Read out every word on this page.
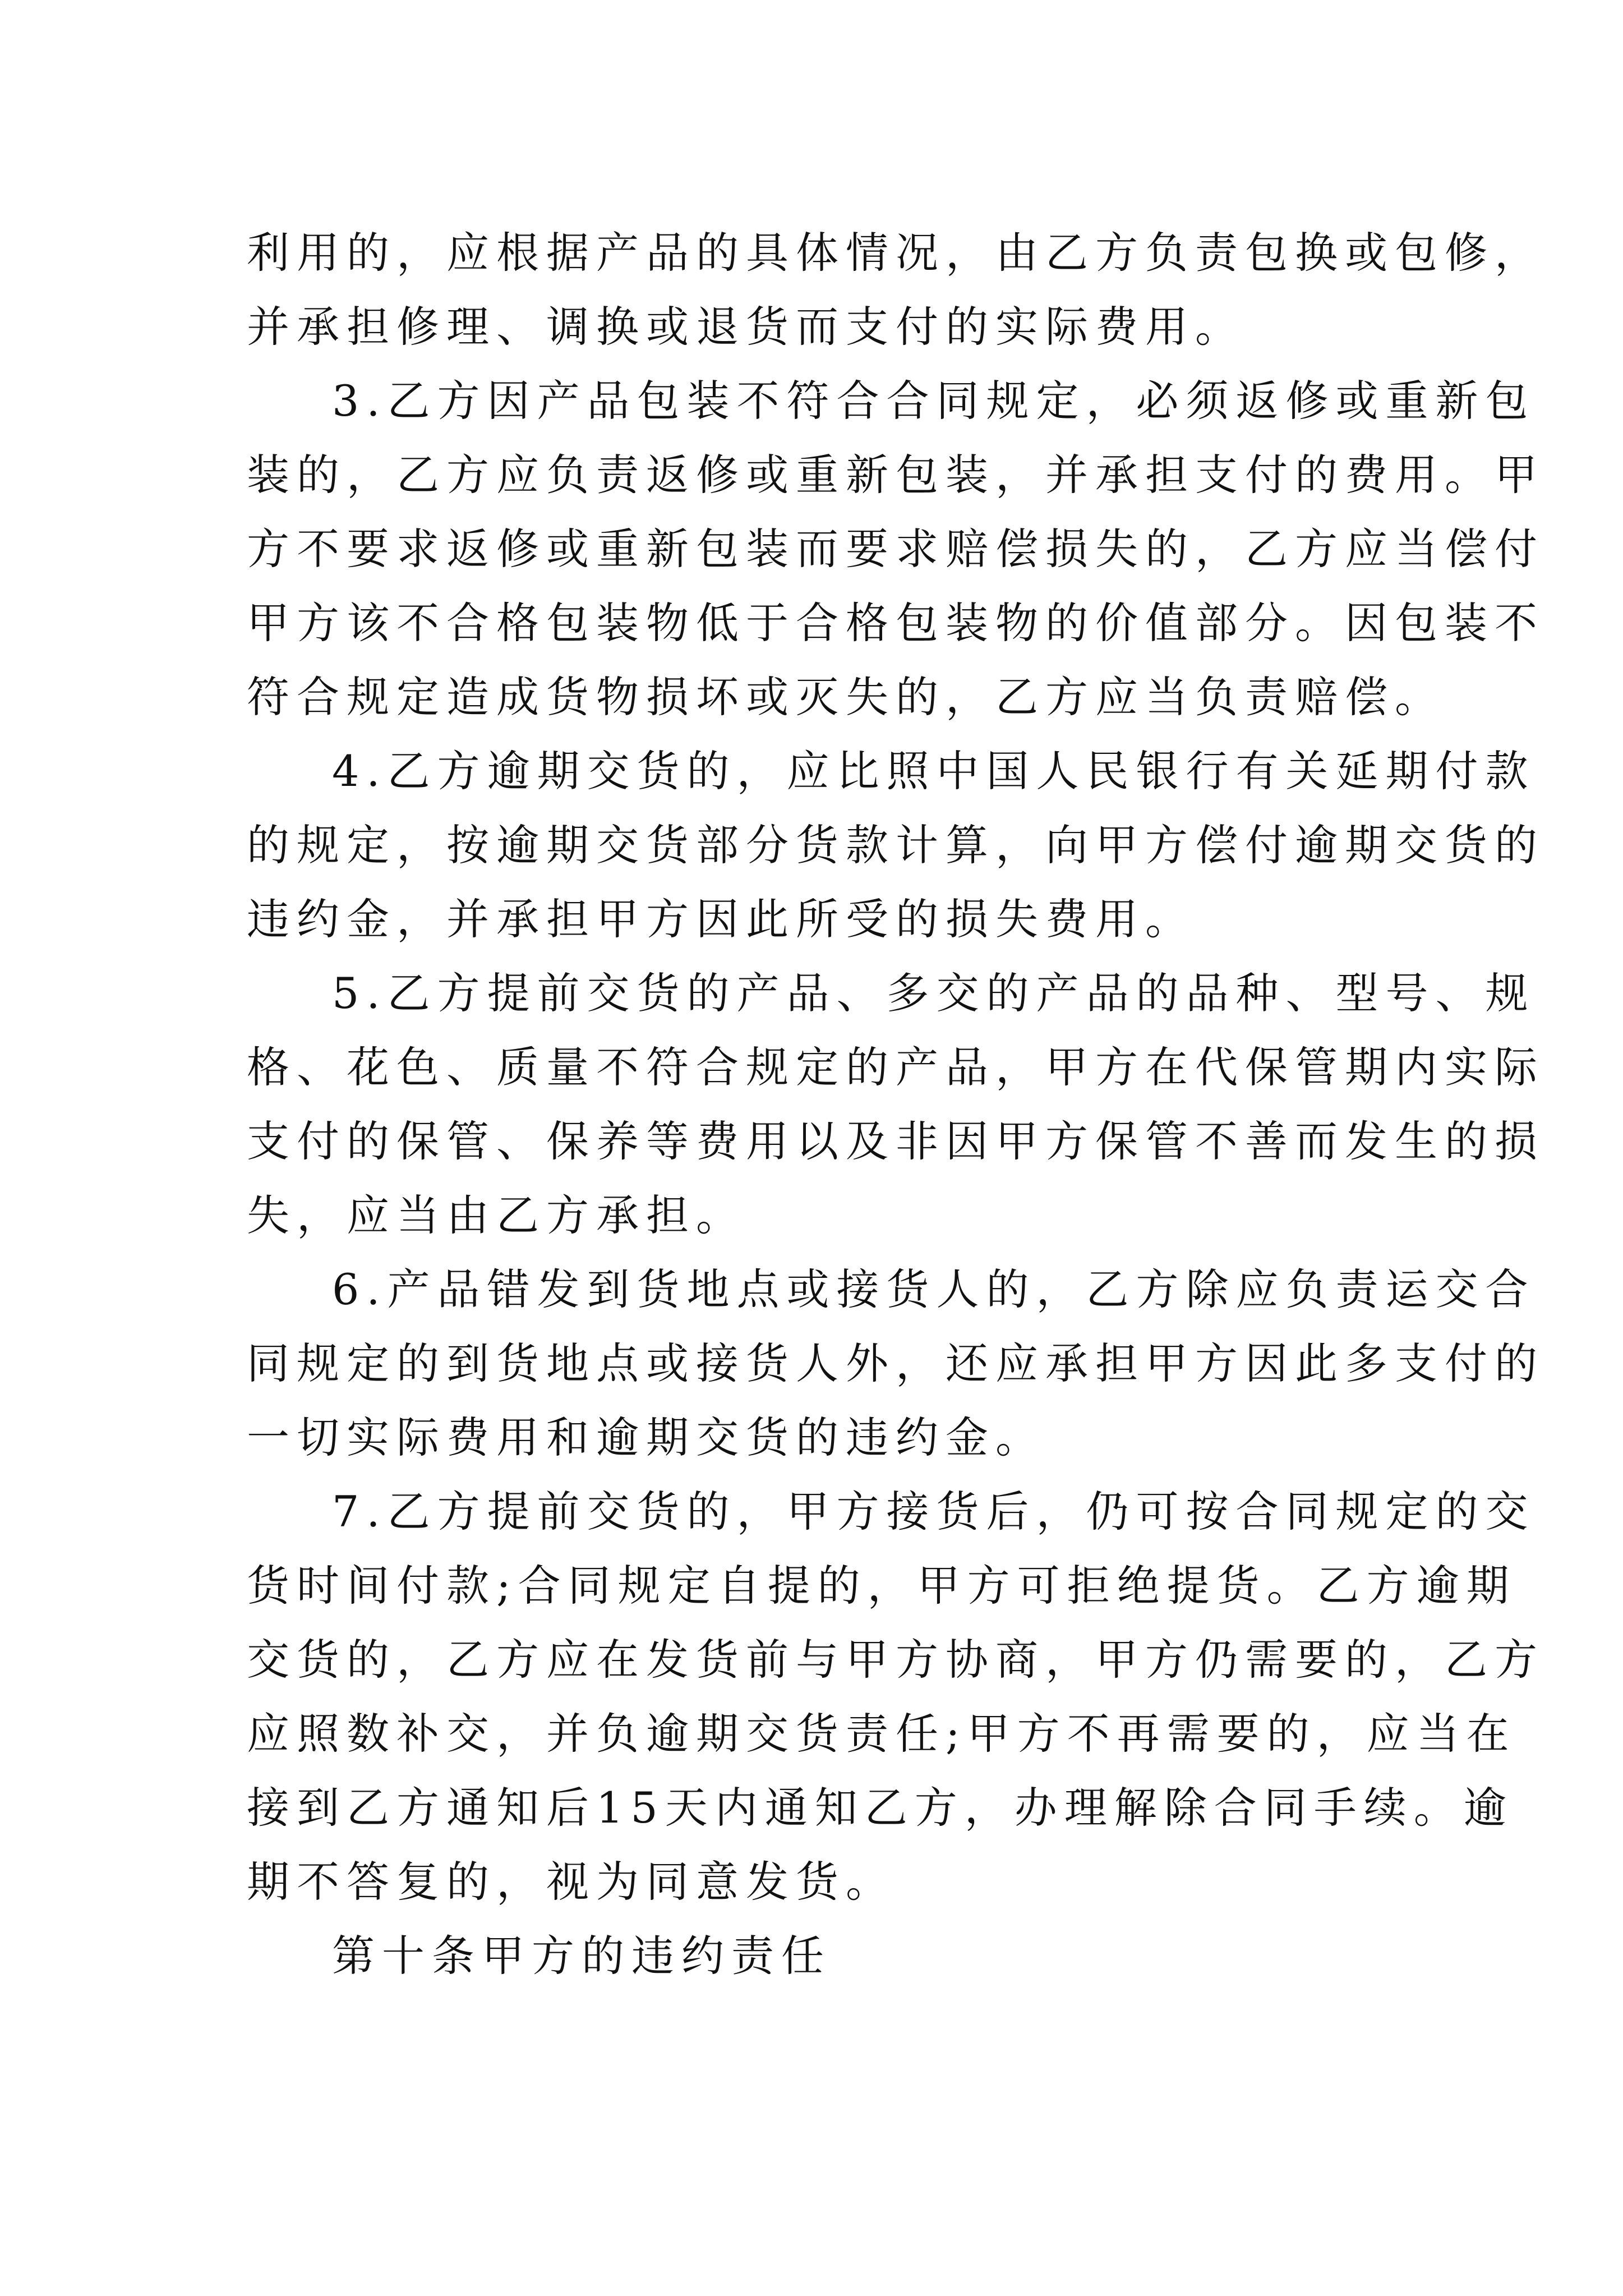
利用的，应根据产品的具体情况，由乙方负责包换或包修，
并承担修理、调换或退货而支付的实际费用。
3.乙方因产品包装不符合合同规定，必须返修或重新包
装的，乙方应负责返修或重新包装，并承担支付的费用。甲
方不要求返修或重新包装而要求赔偿损失的，乙方应当偿付
甲方该不合格包装物低于合格包装物的价值部分。因包装不
符合规定造成货物损坏或灭失的，乙方应当负责赔偿。
4.乙方逾期交货的，应比照中国人民银行有关延期付款
的规定，按逾期交货部分货款计算，向甲方偿付逾期交货的
违约金，并承担甲方因此所受的损失费用。
5.乙方提前交货的产品、多交的产品的品种、型号、规
格、花色、质量不符合规定的产品，甲方在代保管期内实际
支付的保管、保养等费用以及非因甲方保管不善而发生的损
失，应当由乙方承担。
6.产品错发到货地点或接货人的，乙方除应负责运交合
同规定的到货地点或接货人外，还应承担甲方因此多支付的
一切实际费用和逾期交货的违约金。
7.乙方提前交货的，甲方接货后，仍可按合同规定的交
货时间付款;合同规定自提的，甲方可拒绝提货。乙方逾期
交货的，乙方应在发货前与甲方协商，甲方仍需要的，乙方
应照数补交，并负逾期交货责任;甲方不再需要的，应当在
接到乙方通知后15天内通知乙方，办理解除合同手续。逾
期不答复的，视为同意发货。
第十条甲方的违约责任
